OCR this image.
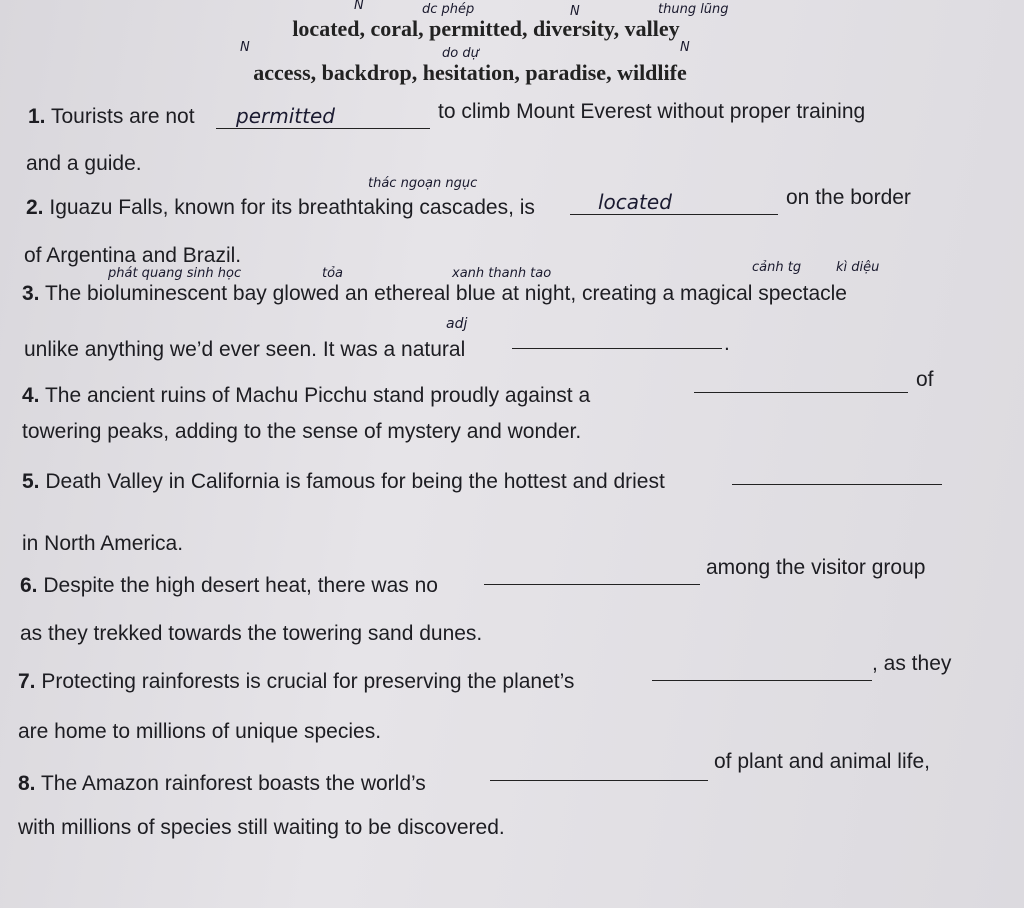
N	dc phép	N	thung lũng
located, coral, permitted, diversity, valley
N	do dự	N
access, backdrop, hesitation, paradise, wildlife
1. Tourists are not permitted	to climb Mount Everest without proper training
and a guide.
thác ngoạn ngục
2. Iguazu Falls, known for its breathtaking cascades, is	located	on the border
of Argentina and Brazil.
phát quang sinh học	tỏa	xanh thanh tao	cảnh tg	kì diệu
3. The bioluminescent bay glowed an ethereal blue at night, creating a magical spectacle
adj
unlike anything we’d ever seen. It was a natural	.
4. The ancient ruins of Machu Picchu stand proudly against a
of
towering peaks, adding to the sense of mystery and wonder.
5. Death Valley in California is famous for being the hottest and driest
in North America.
6. Despite the high desert heat, there was no
among the visitor group
as they trekked towards the towering sand dunes.
7. Protecting rainforests is crucial for preserving the planet’s
, as they
are home to millions of unique species.
8. The Amazon rainforest boasts the world’s
of plant and animal life,
with millions of species still waiting to be discovered.
